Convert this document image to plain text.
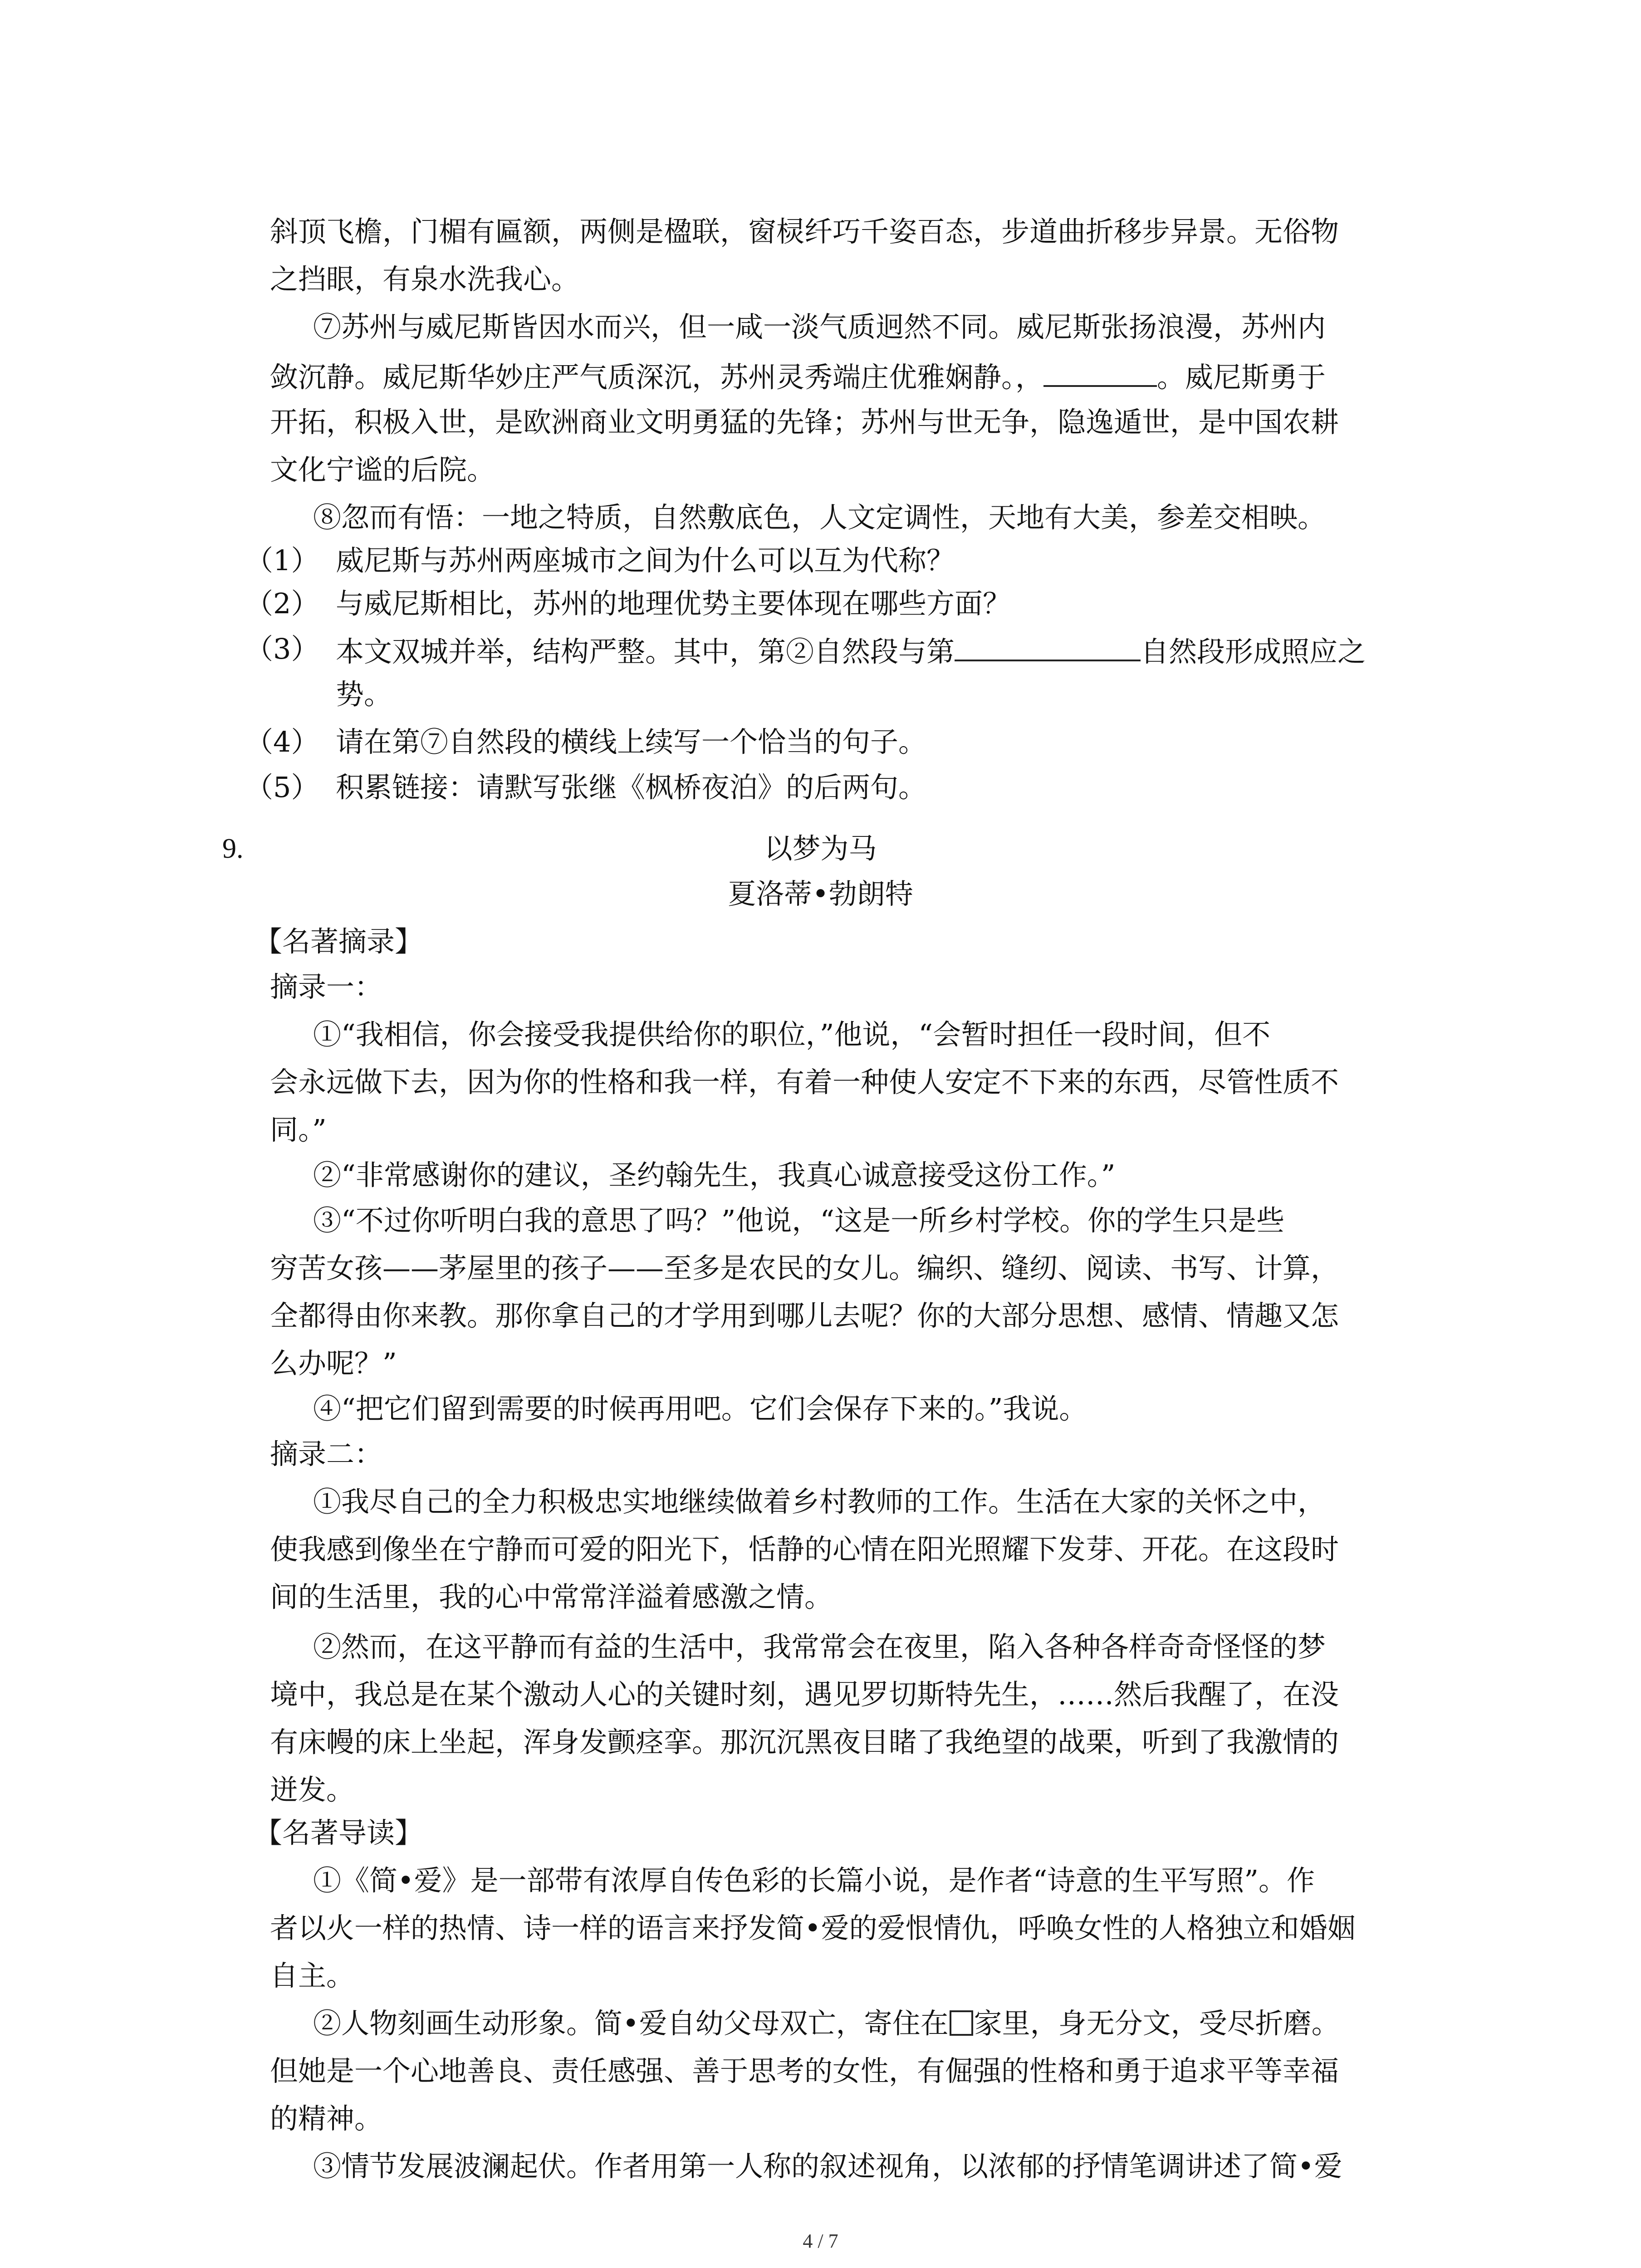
斜顶飞檐，门楣有匾额，两侧是楹联，窗棂纤巧千姿百态，步道曲折移步异景。无俗物
之挡眼，有泉水洗我心。
⑦苏州与威尼斯皆因水而兴，但一咸一淡气质迥然不同。威尼斯张扬浪漫，苏州内
敛沉静。威尼斯华妙庄严气质深沉，苏州灵秀端庄优雅娴静。，	。威尼斯勇于
开拓，积极入世，是欧洲商业文明勇猛的先锋；苏州与世无争，隐逸遁世，是中国农耕
文化宁谧的后院。
⑧忽而有悟：一地之特质，自然敷底色，人文定调性，天地有大美，参差交相映。
（1） 威尼斯与苏州两座城市之间为什么可以互为代称？
（2） 与威尼斯相比，苏州的地理优势主要体现在哪些方面？
（3） 本文双城并举，结构严整。其中，第②自然段与第	自然段形成照应之
势。
（4） 请在第⑦自然段的横线上续写一个恰当的句子。
（5） 积累链接：请默写张继《枫桥夜泊》的后两句。
9.	以梦为马
夏洛蒂•勃朗特
【名著摘录】
摘录一：
①“我相信，你会接受我提供给你的职位，”他说，“会暂时担任一段时间，但不
会永远做下去，因为你的性格和我一样，有着一种使人安定不下来的东西，尽管性质不
同。”
②“非常感谢你的建议，圣约翰先生，我真心诚意接受这份工作。”
③“不过你听明白我的意思了吗？”他说，“这是一所乡村学校。你的学生只是些
穷苦女孩——茅屋里的孩子——至多是农民的女儿。编织、缝纫、阅读、书写、计算，
全都得由你来教。那你拿自己的才学用到哪儿去呢？你的大部分思想、感情、情趣又怎
么办呢？”
④“把它们留到需要的时候再用吧。它们会保存下来的。”我说。
摘录二：
①我尽自己的全力积极忠实地继续做着乡村教师的工作。生活在大家的关怀之中，
使我感到像坐在宁静而可爱的阳光下，恬静的心情在阳光照耀下发芽、开花。在这段时
间的生活里，我的心中常常洋溢着感激之情。
②然而，在这平静而有益的生活中，我常常会在夜里，陷入各种各样奇奇怪怪的梦
境中，我总是在某个激动人心的关键时刻，遇见罗切斯特先生，……然后我醒了，在没
有床幔的床上坐起，浑身发颤痉挛。那沉沉黑夜目睹了我绝望的战栗，听到了我激情的
迸发。
【名著导读】
①《简•爱》是一部带有浓厚自传色彩的长篇小说，是作者“诗意的生平写照”。作
者以火一样的热情、诗一样的语言来抒发简•爱的爱恨情仇，呼唤女性的人格独立和婚姻
自主。
②人物刻画生动形象。简•爱自幼父母双亡，寄住在 家里，身无分文，受尽折磨。
但她是一个心地善良、责任感强、善于思考的女性，有倔强的性格和勇于追求平等幸福
的精神。
③情节发展波澜起伏。作者用第一人称的叙述视角，以浓郁的抒情笔调讲述了简•爱
4 / 7
